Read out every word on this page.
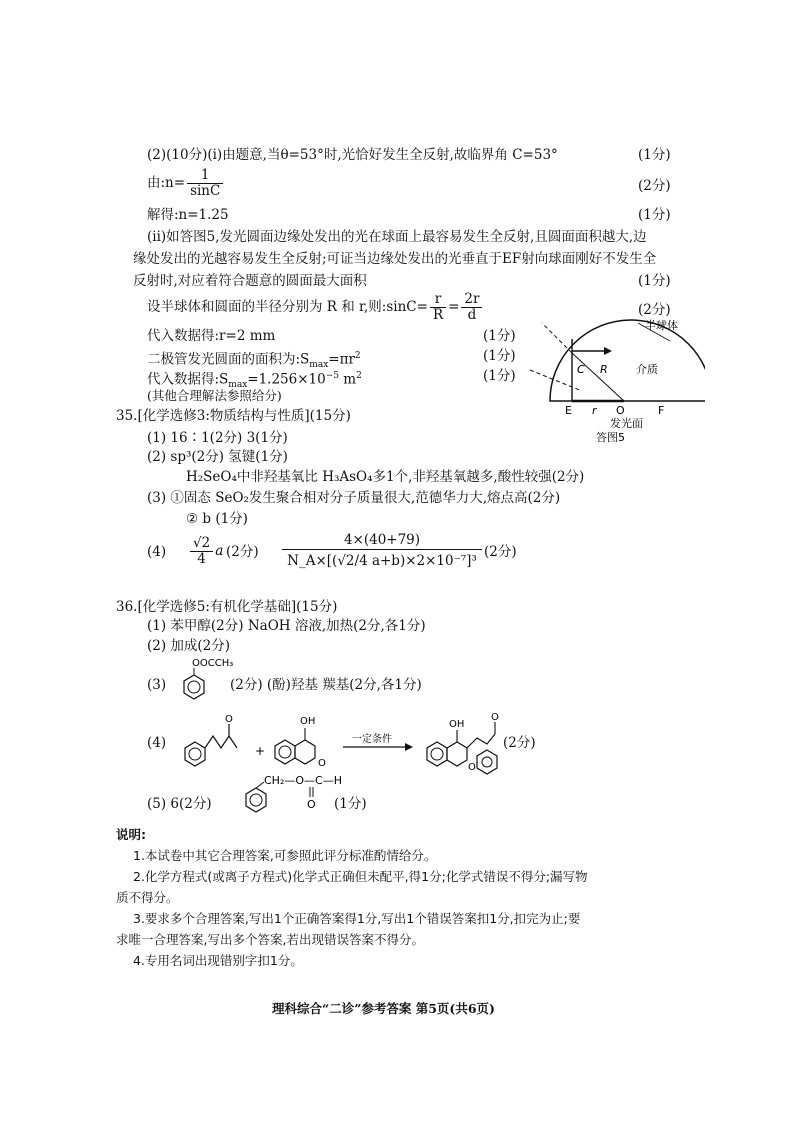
(2)(10分)(i)由题意,当θ=53°时,光恰好发生全反射,故临界角 C=53°	(1分)
由:n= $\frac{1}{\sin C}$	(2分)
解得:n=1.25	(1分)
(ii)如答图5,发光圆面边缘处发出的光在球面上最容易发生全反射,且圆面面积越大,边
缘处发出的光越容易发生全反射;可证当边缘处发出的光垂直于EF射向球面刚好不发生全
反射时,对应着符合题意的圆面最大面积	(1分)
设半球体和圆面的半径分别为 R 和 r,则:sinC= $\frac{r}{R} = \frac{2r}{d}$	(2分)
代入数据得:r=2 mm	(1分)
二极管发光圆面的面积为$:S_{max}=\pi r^2$	(1分)
代入数据得$:S_{max}=1.256\times 10^{-5}$ $m^2$	(1分)
(其他合理解法参照给分)
半球体
C R	介质
E r O	F
发光面
答图5
35.[化学选修3:物质结构与性质](15分)
(1) 16∶1(2分) 3(1分)
(2) sp³(2分) 氢键(1分)
H₂SeO₄中非羟基氧比 H₃AsO₄多1个,非羟基氧越多,酸性较强(2分)
(3) ①固态 SeO₂发生聚合相对分子质量很大,范德华力大,熔点高(2分)
② b (1分)
$(4) \frac{√2}{4}$ a (2分) $\frac{4\times(40+79)}{\text{N\_A×[(√2/4 a+b)×2×10⁻⁷]³}} (2$分)
36.[化学选修5:有机化学基础](15分)
(1) 苯甲醇(2分) NaOH 溶液,加热(2分,各1分)
(2) 加成(2分)
(3)
OOCCH₃
(2分) (酚)羟基 羰基(2分,各1分)
(4)
O
+
OH
O
一定条件
OH
O
O
(2分)
(5) 6(2分)
CH₂—O—C—H
O (1分)
说明:
1.本试卷中其它合理答案,可参照此评分标准酌情给分。
2.化学方程式(或离子方程式)化学式正确但未配平,得1分;化学式错误不得分;漏写物
质不得分。
3.要求多个合理答案,写出1个正确答案得1分,写出1个错误答案扣1分,扣完为止;要
求唯一合理答案,写出多个答案,若出现错误答案不得分。
4.专用名词出现错别字扣1分。
理科综合“二诊”参考答案 第5页(共6页)
